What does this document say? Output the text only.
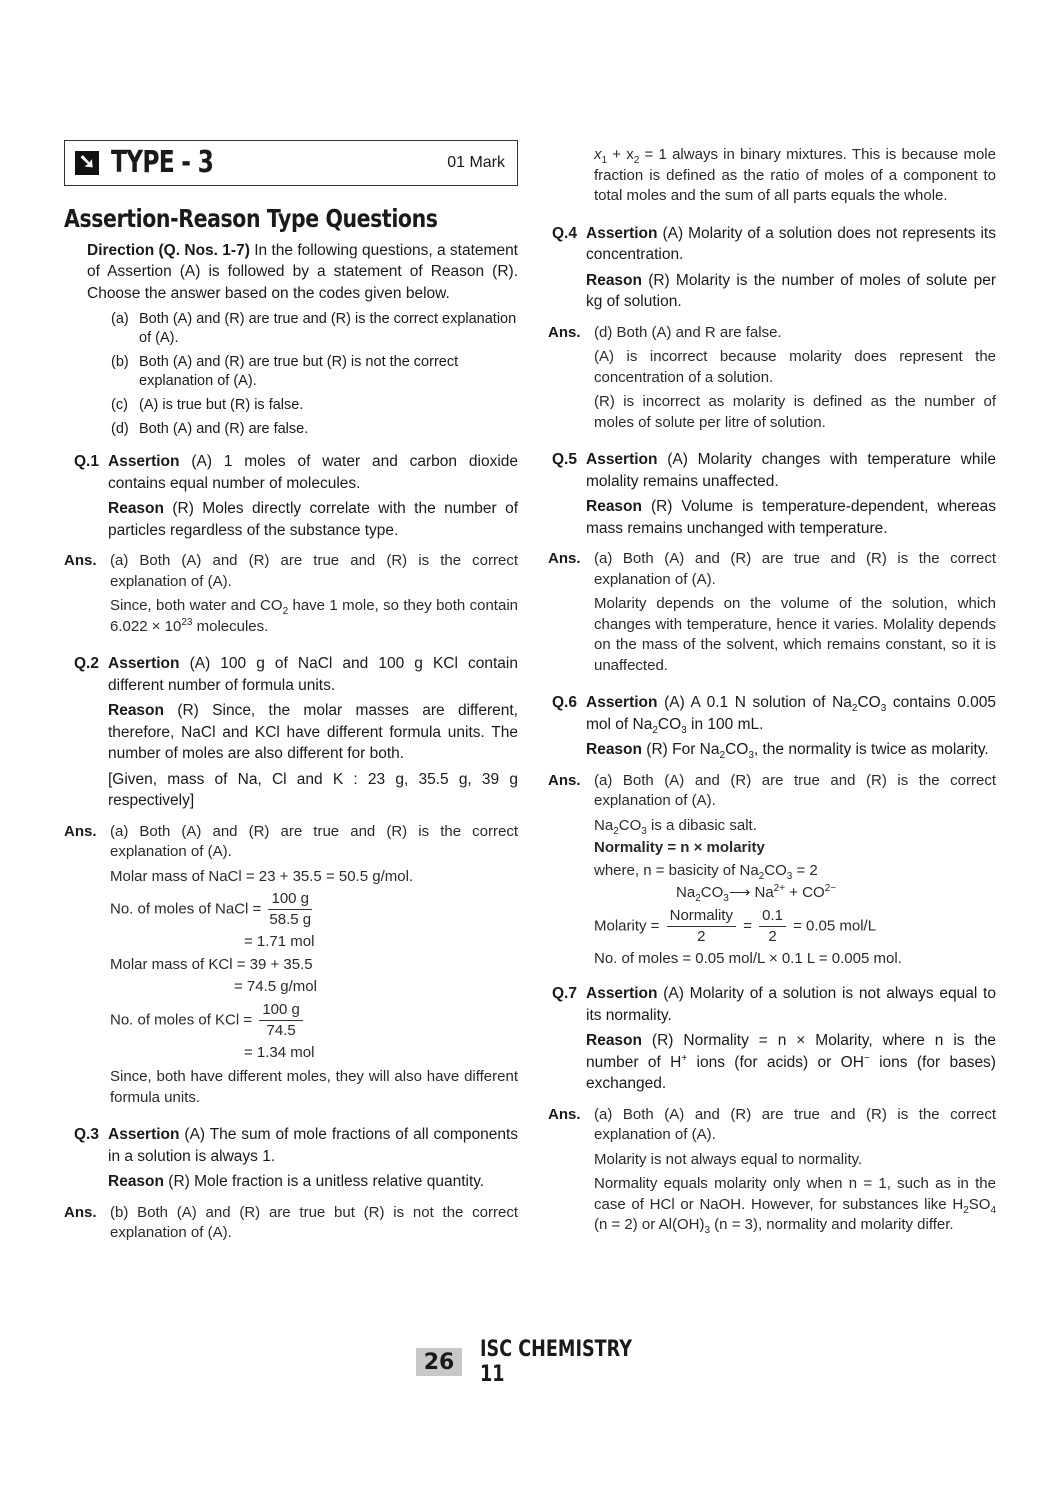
➘ TYPE - 3	01 Mark
Assertion-Reason Type Questions
Direction (Q. Nos. 1-7) In the following questions, a statement of Assertion (A) is followed by a statement of Reason (R). Choose the answer based on the codes given below.
(a) Both (A) and (R) are true and (R) is the correct explanation of (A).
(b) Both (A) and (R) are true but (R) is not the correct explanation of (A).
(c) (A) is true but (R) is false.
(d) Both (A) and (R) are false.
Q.1 Assertion (A) 1 moles of water and carbon dioxide contains equal number of molecules.

Reason (R) Moles directly correlate with the number of particles regardless of the substance type.

Ans. (a) Both (A) and (R) are true and (R) is the correct explanation of (A).

Since, both water and $CO_2$ have 1 mole, so they both contain $6.022 \times 10^{23}$ molecules.

Q.2 Assertion (A) 100 g of NaCl and 100 g KCl contain different number of formula units.

Reason (R) Since, the molar masses are different, therefore, NaCl and KCl have different formula units. The number of moles are also different for both.

[Given, mass of Na, Cl and K : 23 g, 35.5 g, 39 g respectively]

Ans. (a) Both (A) and (R) are true and (R) is the correct explanation of (A).

Molar mass of NaCl = 23 + 35.5 = 50.5 g/mol.
No. of moles of NaCl = $\frac{100 g}{58.5 g}$
= 1.71 mol
Molar mass of KCl = 39 + 35.5
= 74.5 g/mol
No. of moles of KCl = $\frac{100 g}{74.5}$
= 1.34 mol

Since, both have different moles, they will also have different formula units.

Q.3 Assertion (A) The sum of mole fractions of all components in a solution is always 1.

Reason (R) Mole fraction is a unitless relative quantity.

Ans. (b) Both (A) and (R) are true but (R) is not the correct explanation of (A).

$x_1 + x_2 = 1$ always in binary mixtures. This is because mole fraction is defined as the ratio of moles of a component to total moles and the sum of all parts equals the whole.

Q.4 Assertion (A) Molarity of a solution does not represents its concentration.

Reason (R) Molarity is the number of moles of solute per kg of solution.

Ans. (d) Both (A) and R are false.

(A) is incorrect because molarity does represent the concentration of a solution.

(R) is incorrect as molarity is defined as the number of moles of solute per litre of solution.

Q.5 Assertion (A) Molarity changes with temperature while molality remains unaffected.

Reason (R) Volume is temperature-dependent, whereas mass remains unchanged with temperature.

Ans. (a) Both (A) and (R) are true and (R) is the correct explanation of (A).

Molarity depends on the volume of the solution, which changes with temperature, hence it varies. Molality depends on the mass of the solvent, which remains constant, so it is unaffected.

Q.6 Assertion (A) A 0.1 N solution of $Na_2CO_3$ contains 0.005 mol of $Na_2CO_3$ in 100 mL.

Reason (R) For $Na_2CO_3$, the normality is twice as molarity.

Ans. (a) Both (A) and (R) are true and (R) is the correct explanation of (A).

$Na_2CO_3$ is a dibasic salt.
Normality = n × molarity
where, n = basicity of $Na_2CO_3 = 2$
$Na_2CO_3⟶$ $Na^{2+} + CO^{2-}$
Molarity = $\frac{\text{Normality}}{2} = \frac{0.1}{2} = 0.05$ mol/L
No. of moles = 0.05 mol/L × 0.1 L = 0.005 mol.
Q.7 Assertion (A) Molarity of a solution is not always equal to its normality.

Reason (R) Normality = n × Molarity, where n is the number of H+ ions (for acids) or OH− ions (for bases) exchanged.

Ans. (a) Both (A) and (R) are true and (R) is the correct explanation of (A).

Molarity is not always equal to normality.

Normality equals molarity only when n = 1, such as in the case of HCl or NaOH. However, for substances like $H_2SO_4$ (n = 2) or $Al(OH)_3$ (n = 3), normality and molarity differ.

26	ISC CHEMISTRY 11
